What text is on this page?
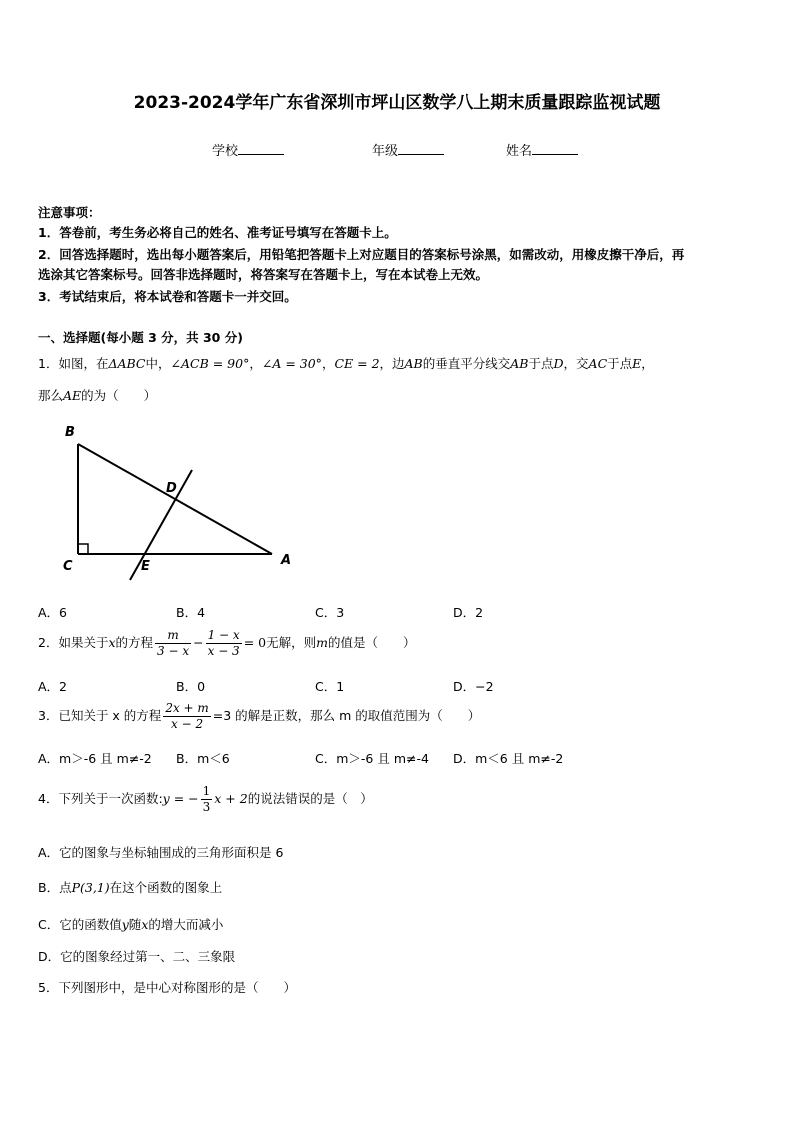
2023-2024学年广东省深圳市坪山区数学八上期末质量跟踪监视试题
学校	年级	姓名
注意事项：
1．答卷前，考生务必将自己的姓名、准考证号填写在答题卡上。
2．回答选择题时，选出每小题答案后，用铅笔把答题卡上对应题目的答案标号涂黑，如需改动，用橡皮擦干净后，再
选涂其它答案标号。回答非选择题时，将答案写在答题卡上，写在本试卷上无效。
3．考试结束后，将本试卷和答题卡一并交回。
一、选择题(每小题 3 分，共 30 分)
1．如图，在ΔABC中，∠ACB = 90°，∠A = 30°，CE = 2，边AB的垂直平分线交AB于点D，交AC于点E，
那么AE的为（　　）
B
D
C	E	A
A．6	B．4	C．3	D．2
2．如果关于x的方程 $\frac{m}{3 - x} - \frac{1 - x}{x - 3} = 0$无解，则m的值是（　　）
A．2	B．0	C．1	D．−2
3．已知关于 x 的方程 $\frac{2x + m}{x - 2} =3$ 的解是正数，那么 m 的取值范围为（　　）
A．m＞-6 且 m≠-2 B．m＜6	C．m＞-6 且 m≠-4 D．m＜6 且 m≠-2
4．下列关于一次函数:y = − $\frac{1}{3}$ x + 2的说法错误的是（　）
A．它的图象与坐标轴围成的三角形面积是 6
B．点P(3,1)在这个函数的图象上
C．它的函数值y随x的增大而减小
D．它的图象经过第一、二、三象限
5．下列图形中，是中心对称图形的是（　　）
